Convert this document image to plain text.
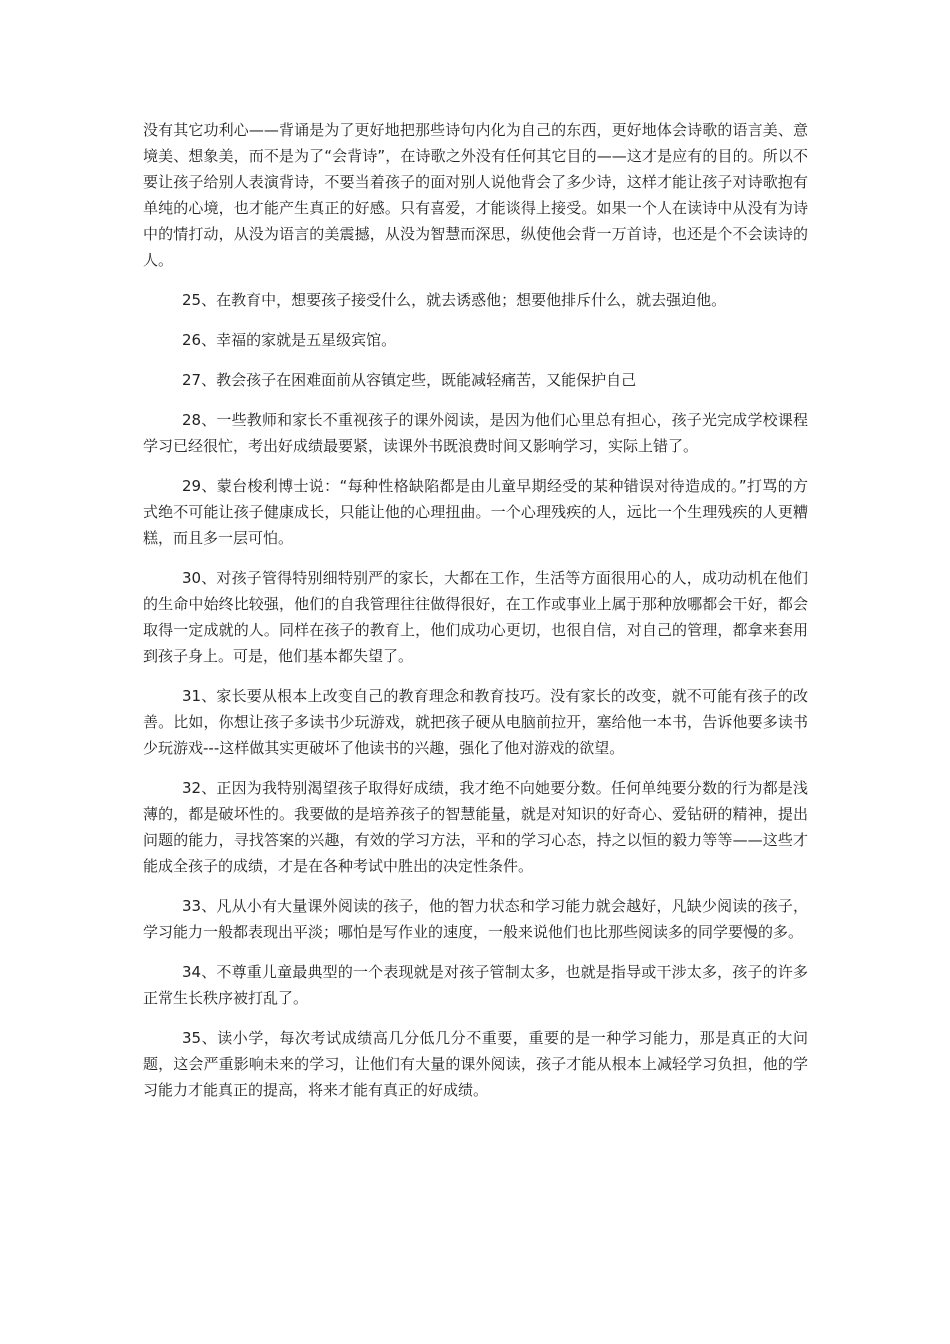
没有其它功利心——背诵是为了更好地把那些诗句内化为自己的东西，更好地体会诗歌的语言美、意境美、想象美，而不是为了“会背诗”，在诗歌之外没有任何其它目的——这才是应有的目的。所以不要让孩子给别人表演背诗，不要当着孩子的面对别人说他背会了多少诗，这样才能让孩子对诗歌抱有单纯的心境，也才能产生真正的好感。只有喜爱，才能谈得上接受。如果一个人在读诗中从没有为诗中的情打动，从没为语言的美震撼，从没为智慧而深思，纵使他会背一万首诗，也还是个不会读诗的人。

25、在教育中，想要孩子接受什么，就去诱惑他；想要他排斥什么，就去强迫他。

26、幸福的家就是五星级宾馆。

27、教会孩子在困难面前从容镇定些，既能减轻痛苦，又能保护自己

28、一些教师和家长不重视孩子的课外阅读，是因为他们心里总有担心，孩子光完成学校课程学习已经很忙，考出好成绩最要紧，读课外书既浪费时间又影响学习，实际上错了。

29、蒙台梭利博士说：“每种性格缺陷都是由儿童早期经受的某种错误对待造成的。”打骂的方式绝不可能让孩子健康成长，只能让他的心理扭曲。一个心理残疾的人，远比一个生理残疾的人更糟糕，而且多一层可怕。

30、对孩子管得特别细特别严的家长，大都在工作，生活等方面很用心的人，成功动机在他们的生命中始终比较强，他们的自我管理往往做得很好，在工作或事业上属于那种放哪都会干好，都会取得一定成就的人。同样在孩子的教育上，他们成功心更切，也很自信，对自己的管理，都拿来套用到孩子身上。可是，他们基本都失望了。

31、家长要从根本上改变自己的教育理念和教育技巧。没有家长的改变，就不可能有孩子的改善。比如，你想让孩子多读书少玩游戏，就把孩子硬从电脑前拉开，塞给他一本书，告诉他要多读书少玩游戏---这样做其实更破坏了他读书的兴趣，强化了他对游戏的欲望。

32、正因为我特别渴望孩子取得好成绩，我才绝不向她要分数。任何单纯要分数的行为都是浅薄的，都是破坏性的。我要做的是培养孩子的智慧能量，就是对知识的好奇心、爱钻研的精神，提出问题的能力，寻找答案的兴趣，有效的学习方法，平和的学习心态，持之以恒的毅力等等——这些才能成全孩子的成绩，才是在各种考试中胜出的决定性条件。

33、凡从小有大量课外阅读的孩子，他的智力状态和学习能力就会越好，凡缺少阅读的孩子，学习能力一般都表现出平淡；哪怕是写作业的速度，一般来说他们也比那些阅读多的同学要慢的多。

34、不尊重儿童最典型的一个表现就是对孩子管制太多，也就是指导或干涉太多，孩子的许多正常生长秩序被打乱了。

35、读小学，每次考试成绩高几分低几分不重要，重要的是一种学习能力，那是真正的大问题，这会严重影响未来的学习，让他们有大量的课外阅读，孩子才能从根本上减轻学习负担，他的学习能力才能真正的提高，将来才能有真正的好成绩。
